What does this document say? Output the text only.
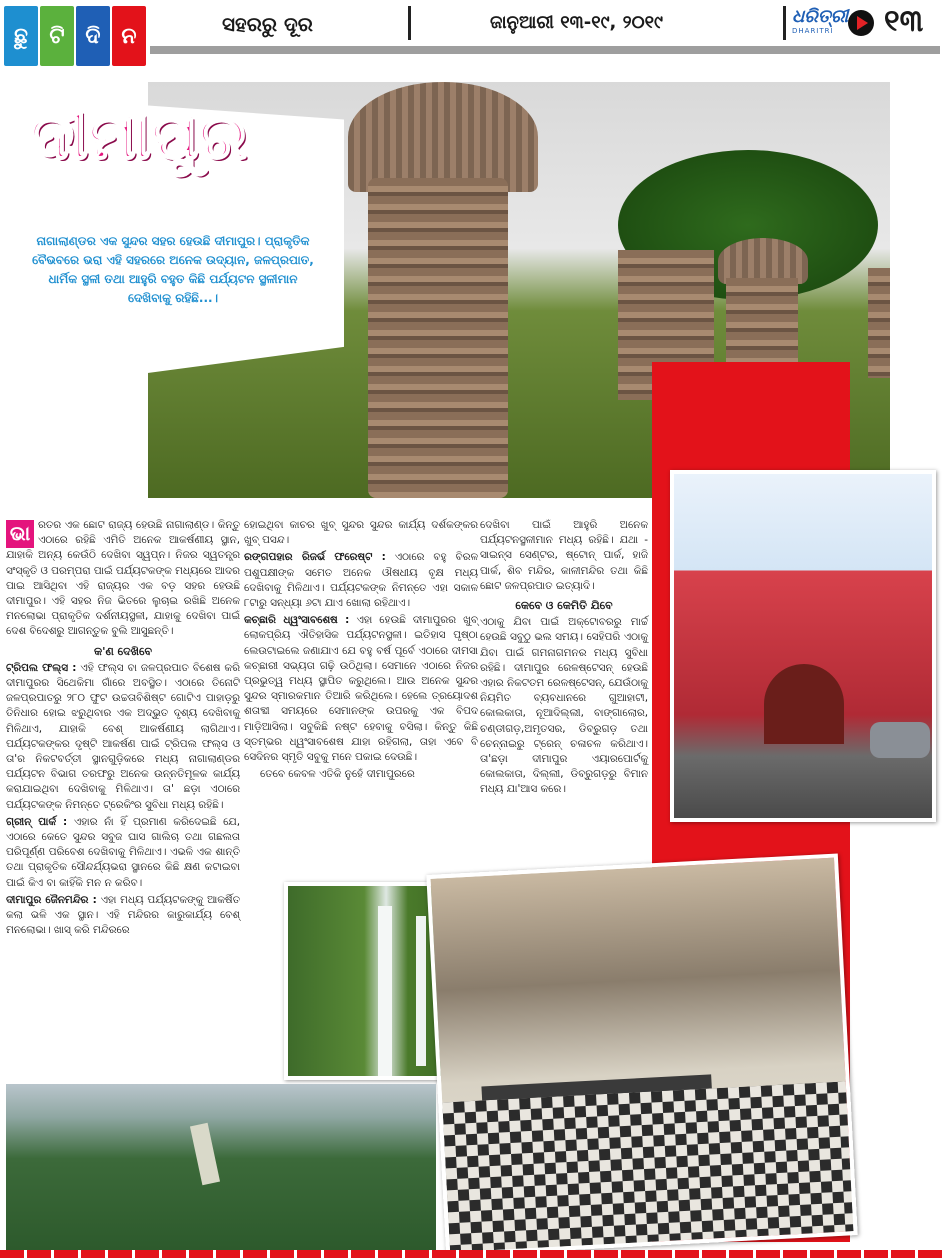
ଛୁ ଟି ଦି ନ	ସହରରୁ ଦୂର	ଜାନୁଆରୀ ୧୩-୧୯, ୨୦୧୯	ଧରିତ୍ରୀ
DHARITRI	୧୩
ଦୀମାପୁର
ନାଗାଲାଣ୍ଡର ଏକ ସୁନ୍ଦର ସହର ହେଉଛି ଦୀମାପୁର। ପ୍ରାକୃତିକ ବୈଭବରେ ଭରା ଏହି ସହରରେ ଅନେକ ଉଦ୍ୟାନ, ଜଳପ୍ରପାତ, ଧାର୍ମିକ ସ୍ଥଳୀ ତଥା ଆହୁରି ବହୁତ କିଛି ପର୍ଯ୍ୟଟନ ସ୍ଥଳୀମାନ ଦେଖିବାକୁ ରହିଛି...।

ଭା ରତର ଏକ ଛୋଟ ରାଜ୍ୟ ହେଉଛି ନାଗାଲାଣ୍ଡ। କିନ୍ତୁ ଏଠାରେ ରହିଛି ଏମିତି ଅନେକ ଆକର୍ଷଣୀୟ ସ୍ଥାନ, ଯାହାକି ଅନ୍ୟ କେଉଁଠି ଦେଖିବା ସ୍ୱପ୍ନ। ନିଜର ସ୍ୱତନ୍ତ୍ର ସଂସ୍କୃତି ଓ ପରମ୍ପରା ପାଇଁ ପର୍ଯ୍ୟଟକଙ୍କ ମଧ୍ୟରେ ଆଦର ପାଇ ଆସିଥିବା ଏହି ରାଜ୍ୟର ଏକ ବଡ଼ ସହର ହେଉଛି ଦୀମାପୁର। ଏହି ସହର ନିଜ ଭିତରେ ଲୁଚାଇ ରଖିଛି ଅନେକ ମନଲୋଭା ପ୍ରାକୃତିକ ଦର୍ଶନୀୟସ୍ଥଳୀ, ଯାହାକୁ ଦେଖିବା ପାଇଁ ଦେଶ ବିଦେଶରୁ ଆଗନ୍ତୁକ ବୁଲି ଆସୁଛନ୍ତି।

କ'ଣ ଦେଖିବେ

ଟ୍ରିପଲ ଫଲ୍ସ : ଏହି ଫଲ୍ସ ବା ଜଳପ୍ରପାତ ବିଶେଷ କରି ଦୀମାପୁରର ସିଥେକିମା ଗାଁରେ ଅବସ୍ଥିତ। ଏଠାରେ ତିନୋଟି ଜଳପ୍ରପାତରୁ ୨୮୦ ଫୁଟ ଉଚ୍ଚତାବିଶିଷ୍ଟ ଗୋଟିଏ ପାହାଡ଼ରୁ ତିନିଧାର ହୋଇ ଝରୁଥିବାର ଏକ ଅଦ୍ଭୁତ ଦୃଶ୍ୟ ଦେଖିବାକୁ ମିଳିଥାଏ, ଯାହାକି ବେଶ୍ ଆକର୍ଷଣୀୟ ଲାଗିଥାଏ। ପର୍ଯ୍ୟଟକଙ୍କର ଦୃଷ୍ଟି ଆକର୍ଷଣ ପାଇଁ ଟ୍ରିପଲ ଫଲ୍ସ ଓ ତା'ର ନିକଟବର୍ତ୍ତୀ ସ୍ଥାନଗୁଡ଼ିକରେ ମଧ୍ୟ ନାଗାଲାଣ୍ଡର ପର୍ଯ୍ୟଟନ ବିଭାଗ ତରଫରୁ ଅନେକ ଉନ୍ନତିମୂଳକ କାର୍ଯ୍ୟ କରାଯାଇଥିବା ଦେଖିବାକୁ ମିଳିଥାଏ। ତା' ଛଡ଼ା ଏଠାରେ ପର୍ଯ୍ୟଟକଙ୍କ ନିମନ୍ତେ ଟ୍ରେକିଂର ସୁବିଧା ମଧ୍ୟ ରହିଛି।

ଗ୍ରୀନ୍ ପାର୍କ : ଏହାର ନାଁ ହିଁ ପ୍ରମାଣ କରିଦେଇଛି ଯେ, ଏଠାରେ କେତେ ସୁନ୍ଦର ସବୁଜ ଘାସ ଗାଲିଚା ତଥା ଗଛଲତା ପରିପୂର୍ଣ୍ଣ ପରିବେଶ ଦେଖିବାକୁ ମିଳିଥାଏ। ଏଭଳି ଏକ ଶାନ୍ତି ତଥା ପ୍ରାକୃତିକ ସୌନ୍ଦର୍ଯ୍ୟଭରା ସ୍ଥାନରେ କିଛି କ୍ଷଣ କଟାଇବା ପାଇଁ କିଏ ବା କାହିଁକି ମନ ନ କରିବ।

ଦୀମାପୁର ଜୈନମନ୍ଦିର : ଏହା ମଧ୍ୟ ପର୍ଯ୍ୟଟକଙ୍କୁ ଆକର୍ଷିତ କଲା ଭଳି ଏକ ସ୍ଥାନ। ଏହି ମନ୍ଦିରର କାରୁକାର୍ଯ୍ୟ ବେଶ୍ ମନଲୋଭା। ଖାସ୍ କରି ମନ୍ଦିରରେ

ହୋଇଥିବା କାଚର ଖୁବ୍ ସୁନ୍ଦର ସୁନ୍ଦର କାର୍ଯ୍ୟ ଦର୍ଶକଙ୍କର ଖୁବ୍ ପସନ୍ଦ।

ରଙ୍ଗପହାର ରିଜର୍ଭ ଫରେଷ୍ଟ : ଏଠାରେ ବହୁ ବିରଳ ପଶୁପକ୍ଷୀଙ୍କ ସମେତ ଅନେକ ଔଷଧୀୟ ବୃକ୍ଷ ମଧ୍ୟ ଦେଖିବାକୁ ମିଳିଥାଏ। ପର୍ଯ୍ୟଟକଙ୍କ ନିମନ୍ତେ ଏହା ସକାଳ ୮ଟାରୁ ସନ୍ଧ୍ୟା ୬ଟା ଯାଏ ଖୋଲା ରହିଥାଏ।

କଚ୍ଛାରି ଧ୍ୱଂସାବଶେଷ : ଏହା ହେଉଛି ଦୀମାପୁରର ଖୁବ୍ ଲୋକପ୍ରିୟ ଐତିହାସିକ ପର୍ଯ୍ୟଟନସ୍ଥଳୀ। ଇତିହାସ ପୃଷ୍ଠା ଲେଉଟାଇଲେ ଜଣାଯାଏ ଯେ ବହୁ ବର୍ଷ ପୂର୍ବେ ଏଠାରେ ଦୀମସା କଚ୍ଛାରୀ ସଭ୍ୟତା ଗଢ଼ି ଉଠିଥିଲା। ସେମାନେ ଏଠାରେ ନିଜର ପ୍ରଭୁତ୍ୱ ମଧ୍ୟ ସ୍ଥାପିତ କରୁଥିଲେ। ଆଉ ଅନେକ ସୁନ୍ଦର ସୁନ୍ଦର ସ୍ମାରକମାନ ତିଆରି କରିଥିଲେ। ହେଲେ ତ୍ରୟୋଦଶ ଶତାବ୍ଦୀ ସମୟରେ ସେମାନଙ୍କ ଉପରକୁ ଏକ ବିପଦ ମାଡ଼ିଆସିଲା। ସବୁକିଛି ନଷ୍ଟ ହେବାକୁ ବସିଲା। କିନ୍ତୁ କିଛି ସ୍ତମ୍ଭର ଧ୍ୱଂସାବଶେଷ ଯାହା ରହିଗଲା, ତାହା ଏବେ ବି ସେଦିନର ସ୍ମୃତି ସବୁକୁ ମନେ ପକାଇ ଦେଉଛି।

ତେବେ କେବଳ ଏତିକି ନୁହେଁ ଦୀମାପୁରରେ

ଦେଖିବା ପାଇଁ ଆହୁରି ଅନେକ ପର୍ଯ୍ୟଟନସ୍ଥଳୀମାନ ମଧ୍ୟ ରହିଛି। ଯଥା - ସାଇନ୍ସ ସେଣ୍ଟର, ଷ୍ଟୋନ୍ ପାର୍କ, ହାଜି ପାର୍କ, ଶିବ ମନ୍ଦିର, କାଳୀମନ୍ଦିର ତଥା କିଛି ଛୋଟ ଜଳପ୍ରପାତ ଇତ୍ୟାଦି।

କେବେ ଓ କେମିତି ଯିବେ

ଏଠାକୁ ଯିବା ପାଇଁ ଅକ୍ଟୋବରରୁ ମାର୍ଚ୍ଚ ହେଉଛି ସବୁଠୁ ଭଲ ସମୟ। ସେହିପରି ଏଠାକୁ ଯିବା ପାଇଁ ଗମନାଗମନର ମଧ୍ୟ ସୁବିଧା ରହିଛି। ଦୀମାପୁର ରେଳଷ୍ଟେସନ୍ ହେଉଛି ଏହାର ନିକଟତମ ରେଳଷ୍ଟେସନ୍, ଯେଉଁଠାକୁ ନିୟମିତ ବ୍ୟବଧାନରେ ଗୁଆହାଟୀ, କୋଲକାତା, ନୂଆଦିଲ୍ଲୀ, ବାଙ୍ଗାଲୋର, ଚଣ୍ଡୀଗଡ଼,ଅମୃତସର, ଡିବ୍ରୁଗଡ଼ ତଥା ଚେନ୍ନାଇରୁ ଟ୍ରେନ୍ ଚଳାଚଳ କରିଥାଏ। ତା'ଛଡ଼ା ଦୀମାପୁର ଏୟାରପୋର୍ଟକୁ କୋଲକାତା, ଦିଲ୍ଲୀ, ଡିବ୍ରୁଗଡ଼ରୁ ବିମାନ ମଧ୍ୟ ଯା'ଆସ କରେ।
